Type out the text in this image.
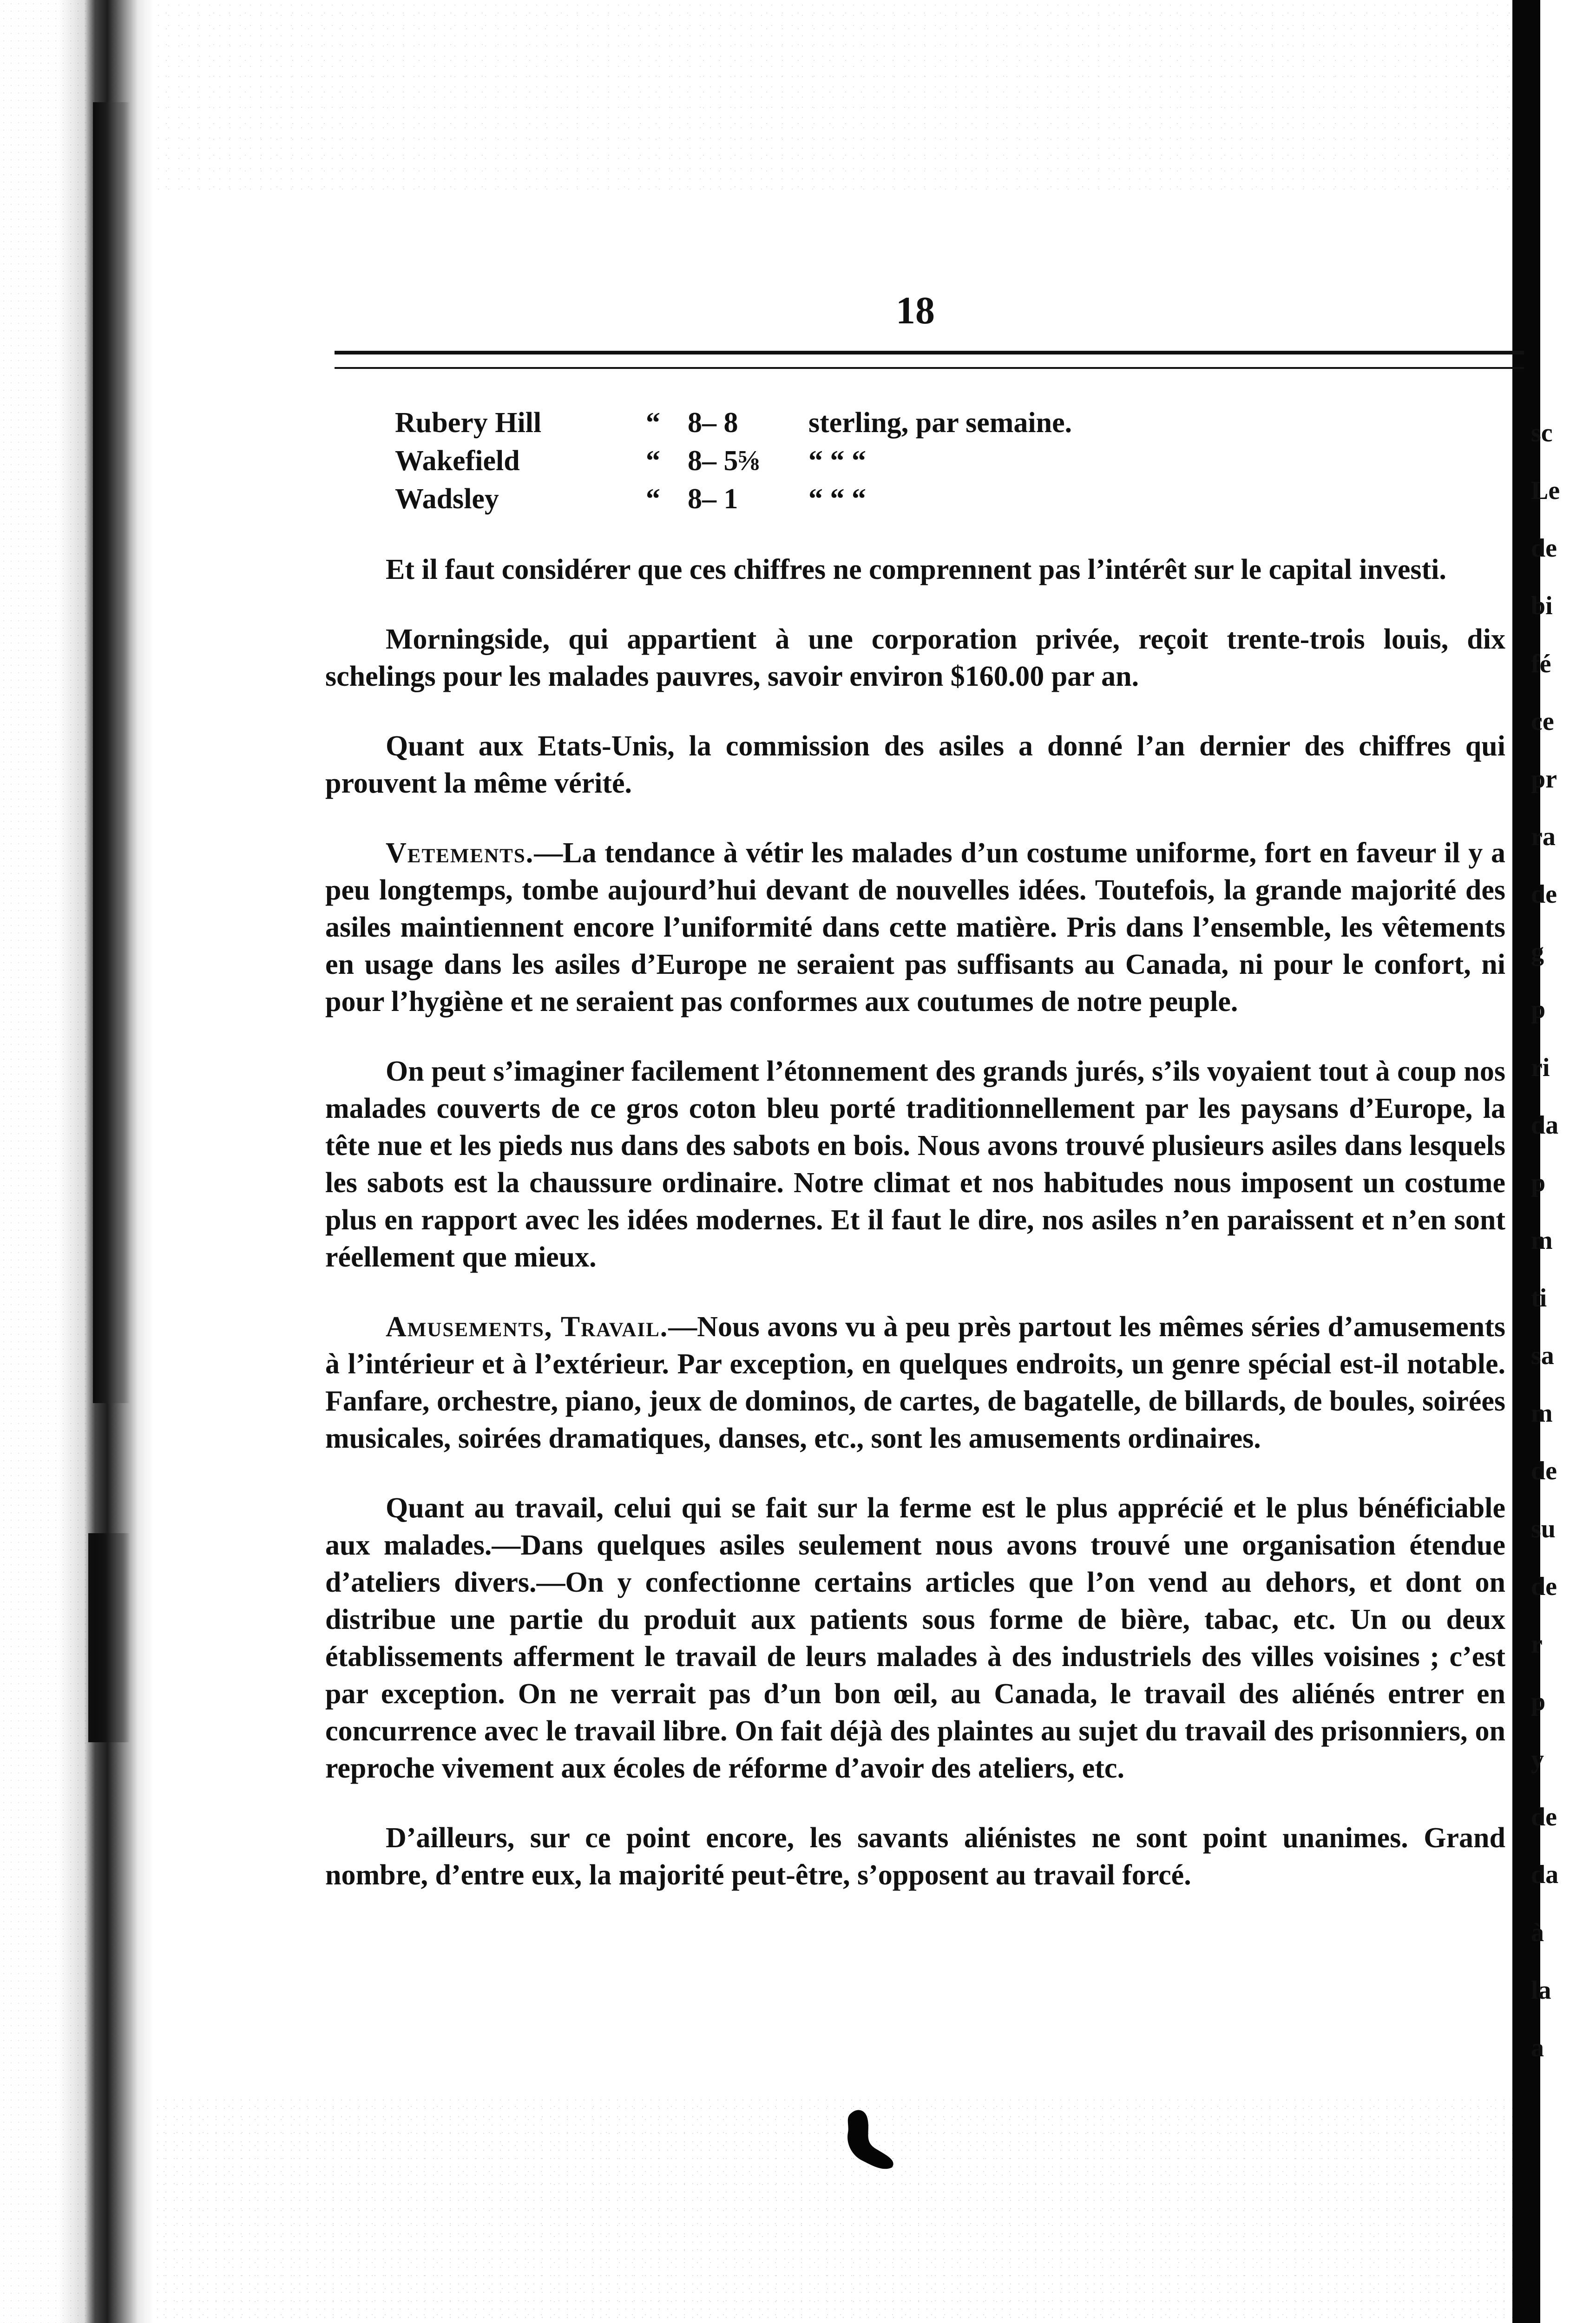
18
Rubery Hill	“ 8– 8	sterling, par semaine.
Wakefield	“ 8– 5⅝	“ “ “
Wadsley	“ 8– 1	“ “ “

Et il faut considérer que ces chiffres ne comprennent pas l’intérêt sur le capital investi.

Morningside, qui appartient à une corporation privée, reçoit trente-trois louis, dix schelings pour les malades pauvres, savoir environ $160.00 par an.

Quant aux Etats-Unis, la commission des asiles a donné l’an dernier des chiffres qui prouvent la même vérité.

Vetements.—La tendance à vétir les malades d’un costume uniforme, fort en faveur il y a peu longtemps, tombe aujourd’hui devant de nouvelles idées. Toutefois, la grande majorité des asiles maintiennent encore l’uniformité dans cette matière. Pris dans l’ensemble, les vêtements en usage dans les asiles d’Europe ne seraient pas suffisants au Canada, ni pour le confort, ni pour l’hygiène et ne seraient pas conformes aux coutumes de notre peuple.

On peut s’imaginer facilement l’étonnement des grands jurés, s’ils voyaient tout à coup nos malades couverts de ce gros coton bleu porté traditionnellement par les paysans d’Europe, la tête nue et les pieds nus dans des sabots en bois. Nous avons trouvé plusieurs asiles dans lesquels les sabots est la chaussure ordinaire. Notre climat et nos habitudes nous imposent un costume plus en rapport avec les idées modernes. Et il faut le dire, nos asiles n’en paraissent et n’en sont réellement que mieux.

Amusements, Travail.—Nous avons vu à peu près partout les mêmes séries d’amusements à l’intérieur et à l’extérieur. Par exception, en quelques endroits, un genre spécial est-il notable. Fanfare, orchestre, piano, jeux de dominos, de cartes, de bagatelle, de billards, de boules, soirées musicales, soirées dramatiques, danses, etc., sont les amusements ordinaires.

Quant au travail, celui qui se fait sur la ferme est le plus apprécié et le plus bénéficiable aux malades.—Dans quelques asiles seulement nous avons trouvé une organisation étendue d’ateliers divers.—On y confectionne certains articles que l’on vend au dehors, et dont on distribue une partie du produit aux patients sous forme de bière, tabac, etc. Un ou deux établissements afferment le travail de leurs malades à des industriels des villes voisines ; c’est par exception. On ne verrait pas d’un bon œil, au Canada, le travail des aliénés entrer en concurrence avec le travail libre. On fait déjà des plaintes au sujet du travail des prisonniers, on reproche vivement aux écoles de réforme d’avoir des ateliers, etc.

D’ailleurs, sur ce point encore, les savants aliénistes ne sont point unanimes. Grand nombre, d’entre eux, la majorité peut-être, s’opposent au travail forcé.

sc
Le
de
bi
fé
ce
pr
ra
de
g
p
ri
da
p
m
ti
sa
m
de
su
de
r
p
y
de
da
à
la
a
